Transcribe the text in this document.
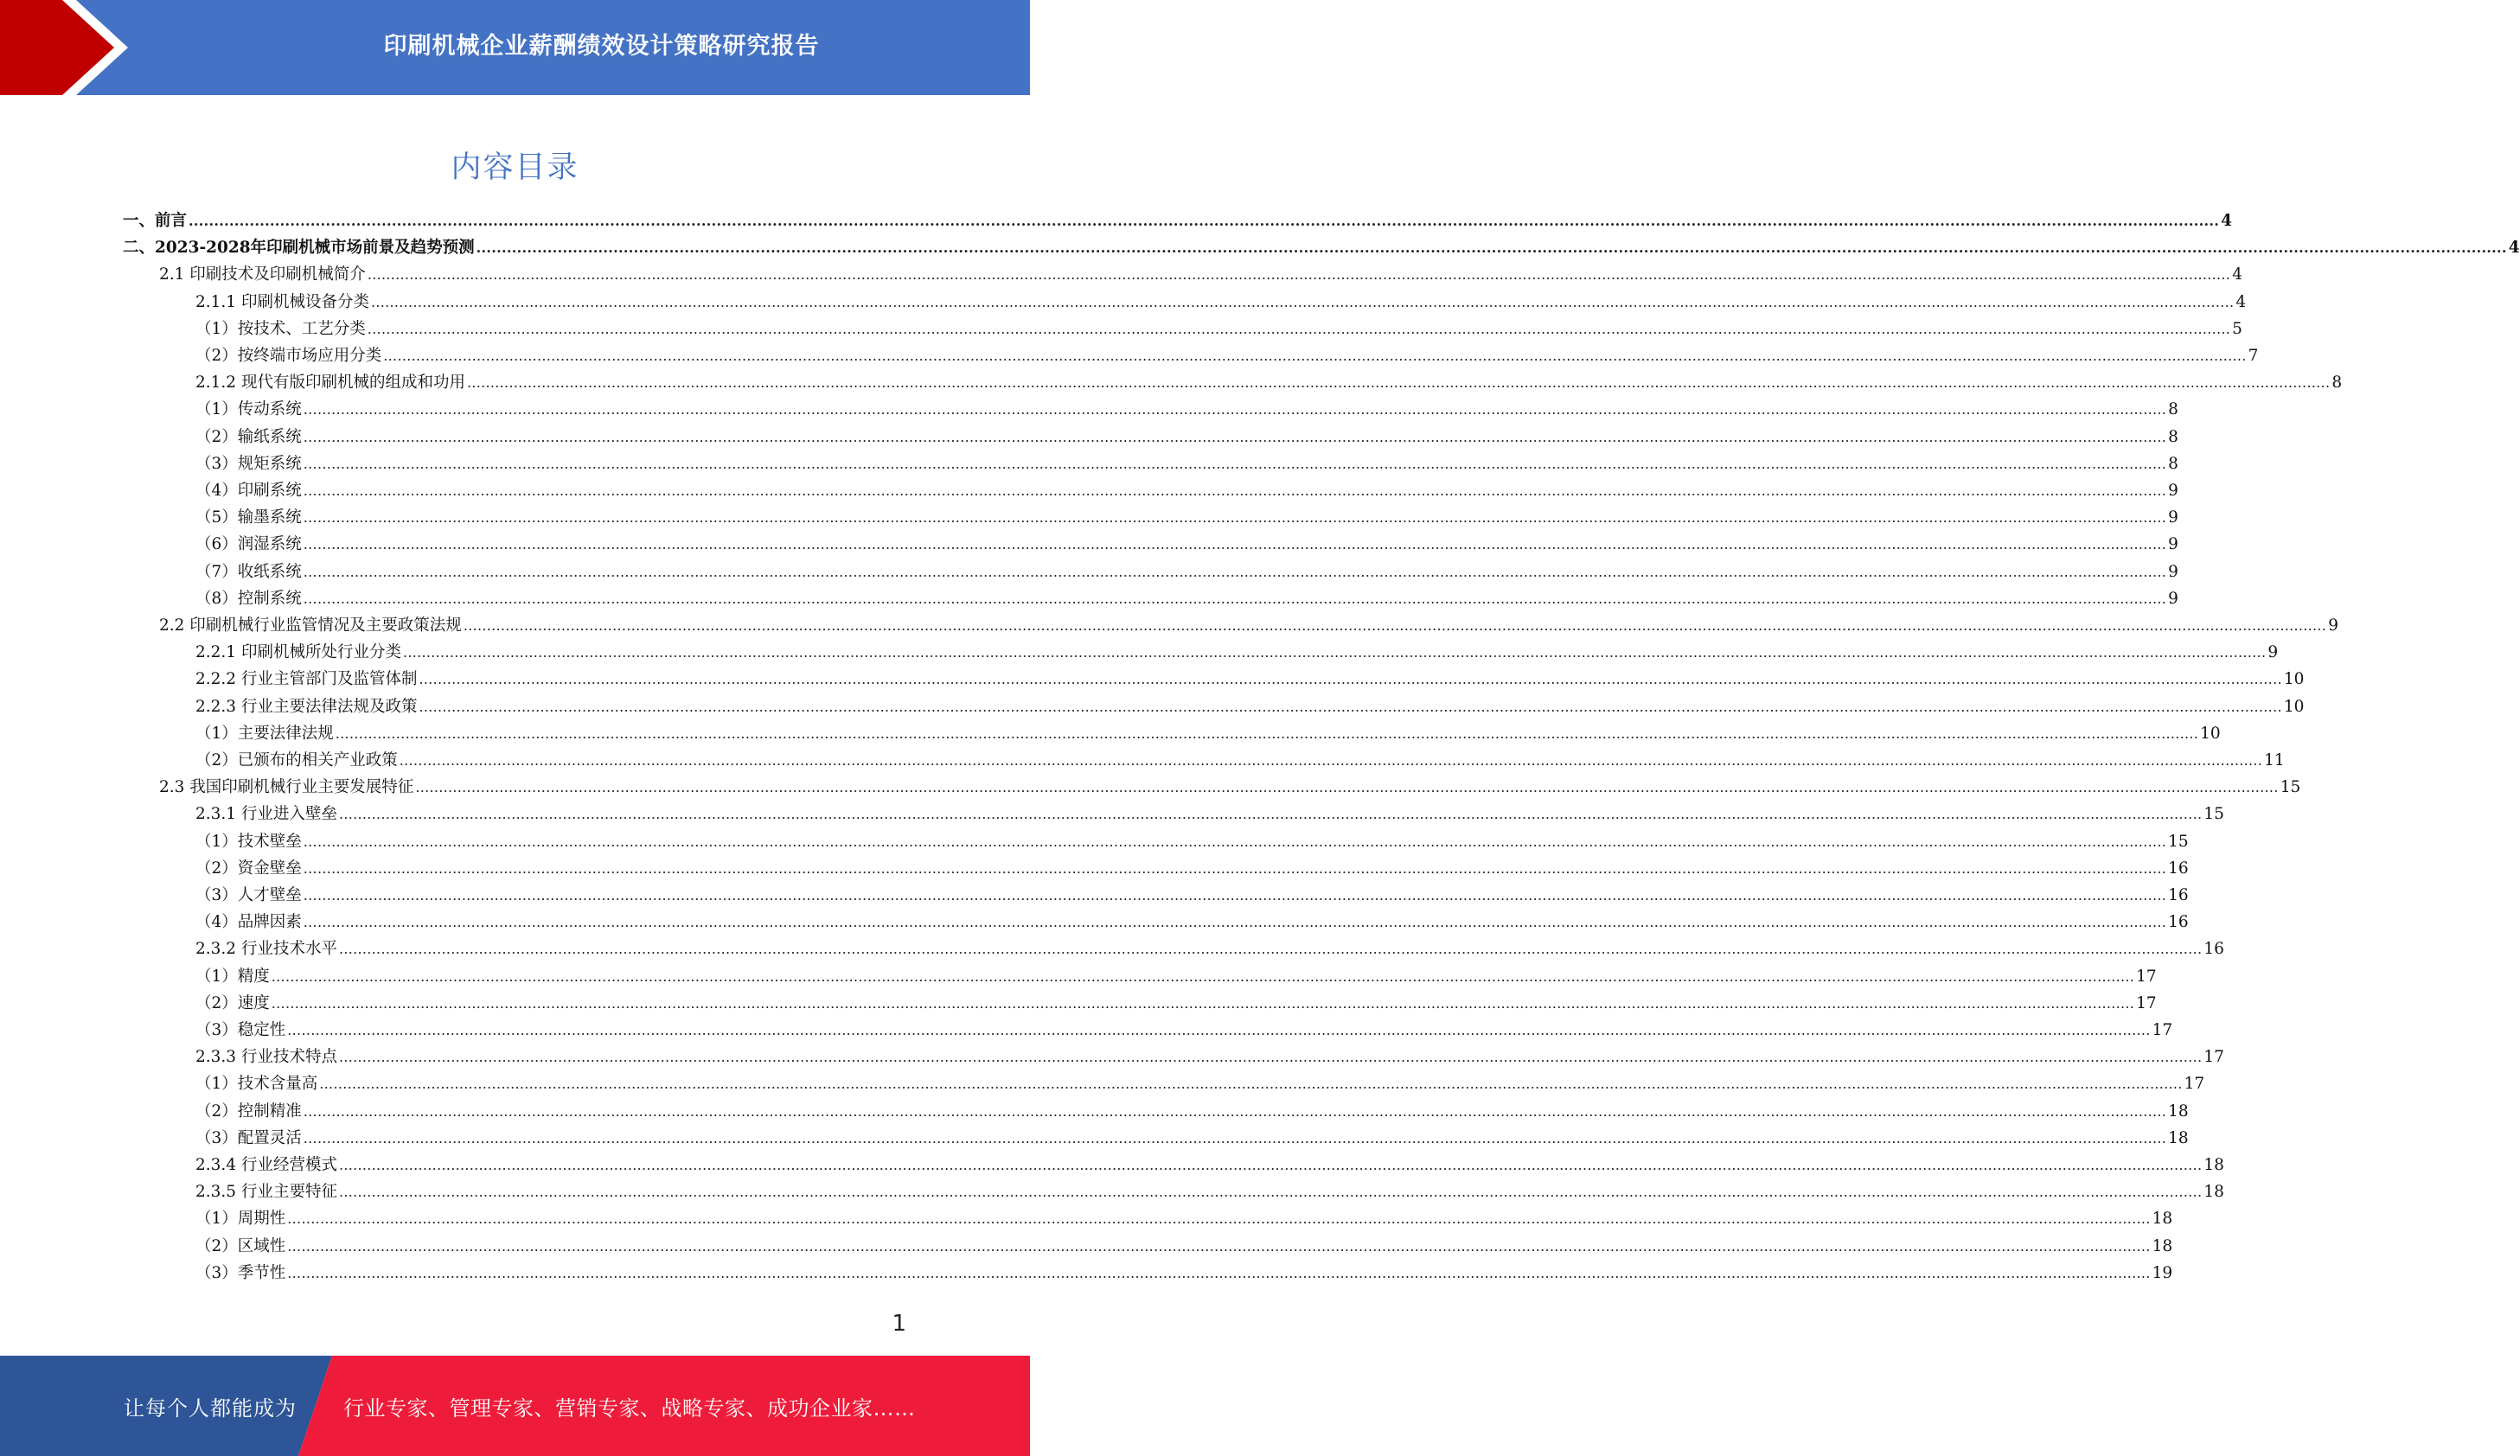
印刷机械企业薪酬绩效设计策略研究报告
内容目录
一、前言 ................................................................................................................................................................................................................................................................................................................................................................................................................ 4
二、2023-2028年印刷机械市场前景及趋势预测 ................................................................................................................................................................................................................................................................................................................................................................................................................ 4
2.1 印刷技术及印刷机械简介 ................................................................................................................................................................................................................................................................................................................................................................................................................ 4
2.1.1 印刷机械设备分类 ................................................................................................................................................................................................................................................................................................................................................................................................................ 4
（1）按技术、工艺分类 ................................................................................................................................................................................................................................................................................................................................................................................................................ 5
（2）按终端市场应用分类 ................................................................................................................................................................................................................................................................................................................................................................................................................ 7
2.1.2 现代有版印刷机械的组成和功用 ................................................................................................................................................................................................................................................................................................................................................................................................................ 8
（1）传动系统 ................................................................................................................................................................................................................................................................................................................................................................................................................ 8
（2）输纸系统 ................................................................................................................................................................................................................................................................................................................................................................................................................ 8
（3）规矩系统 ................................................................................................................................................................................................................................................................................................................................................................................................................ 8
（4）印刷系统 ................................................................................................................................................................................................................................................................................................................................................................................................................ 9
（5）输墨系统 ................................................................................................................................................................................................................................................................................................................................................................................................................ 9
（6）润湿系统 ................................................................................................................................................................................................................................................................................................................................................................................................................ 9
（7）收纸系统 ................................................................................................................................................................................................................................................................................................................................................................................................................ 9
（8）控制系统 ................................................................................................................................................................................................................................................................................................................................................................................................................ 9
2.2 印刷机械行业监管情况及主要政策法规 ................................................................................................................................................................................................................................................................................................................................................................................................................ 9
2.2.1 印刷机械所处行业分类 ................................................................................................................................................................................................................................................................................................................................................................................................................ 9
2.2.2 行业主管部门及监管体制 ................................................................................................................................................................................................................................................................................................................................................................................................................ 10
2.2.3 行业主要法律法规及政策 ................................................................................................................................................................................................................................................................................................................................................................................................................ 10
（1）主要法律法规 ................................................................................................................................................................................................................................................................................................................................................................................................................ 10
（2）已颁布的相关产业政策 ................................................................................................................................................................................................................................................................................................................................................................................................................ 11
2.3 我国印刷机械行业主要发展特征 ................................................................................................................................................................................................................................................................................................................................................................................................................ 15
2.3.1 行业进入壁垒 ................................................................................................................................................................................................................................................................................................................................................................................................................ 15
（1）技术壁垒 ................................................................................................................................................................................................................................................................................................................................................................................................................ 15
（2）资金壁垒 ................................................................................................................................................................................................................................................................................................................................................................................................................ 16
（3）人才壁垒 ................................................................................................................................................................................................................................................................................................................................................................................................................ 16
（4）品牌因素 ................................................................................................................................................................................................................................................................................................................................................................................................................ 16
2.3.2 行业技术水平 ................................................................................................................................................................................................................................................................................................................................................................................................................ 16
（1）精度 ................................................................................................................................................................................................................................................................................................................................................................................................................ 17
（2）速度 ................................................................................................................................................................................................................................................................................................................................................................................................................ 17
（3）稳定性 ................................................................................................................................................................................................................................................................................................................................................................................................................ 17
2.3.3 行业技术特点 ................................................................................................................................................................................................................................................................................................................................................................................................................ 17
（1）技术含量高 ................................................................................................................................................................................................................................................................................................................................................................................................................ 17
（2）控制精准 ................................................................................................................................................................................................................................................................................................................................................................................................................ 18
（3）配置灵活 ................................................................................................................................................................................................................................................................................................................................................................................................................ 18
2.3.4 行业经营模式 ................................................................................................................................................................................................................................................................................................................................................................................................................ 18
2.3.5 行业主要特征 ................................................................................................................................................................................................................................................................................................................................................................................................................ 18
（1）周期性 ................................................................................................................................................................................................................................................................................................................................................................................................................ 18
（2）区域性 ................................................................................................................................................................................................................................................................................................................................................................................................................ 18
（3）季节性 ................................................................................................................................................................................................................................................................................................................................................................................................................ 19
1
让每个人都能成为 行业专家、管理专家、营销专家、战略专家、成功企业家……
